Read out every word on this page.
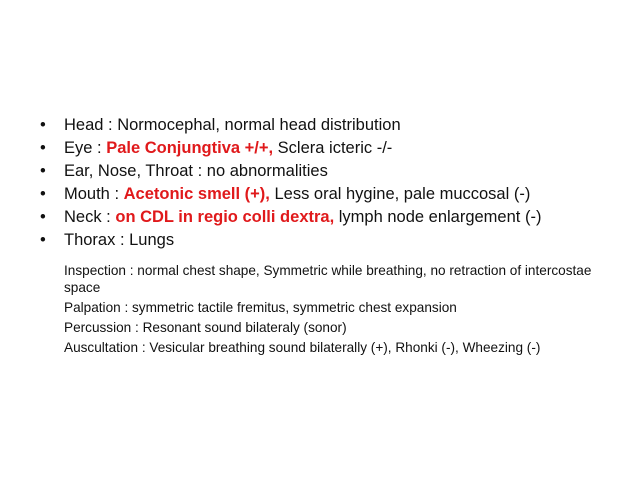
•	Head : Normocephal, normal head distribution
•	Eye : Pale Conjungtiva +/+, Sclera icteric -/-
•	Ear, Nose, Throat : no abnormalities
•	Mouth : Acetonic smell (+), Less oral hygine, pale muccosal (-)
•	Neck : on CDL in regio colli dextra, lymph node enlargement (-)
•	Thorax : Lungs
Inspection : normal chest shape, Symmetric while breathing, no retraction of intercostae space
Palpation : symmetric tactile fremitus, symmetric chest expansion
Percussion : Resonant sound bilateraly (sonor)
Auscultation : Vesicular breathing sound bilaterally (+), Rhonki (-), Wheezing (-)
